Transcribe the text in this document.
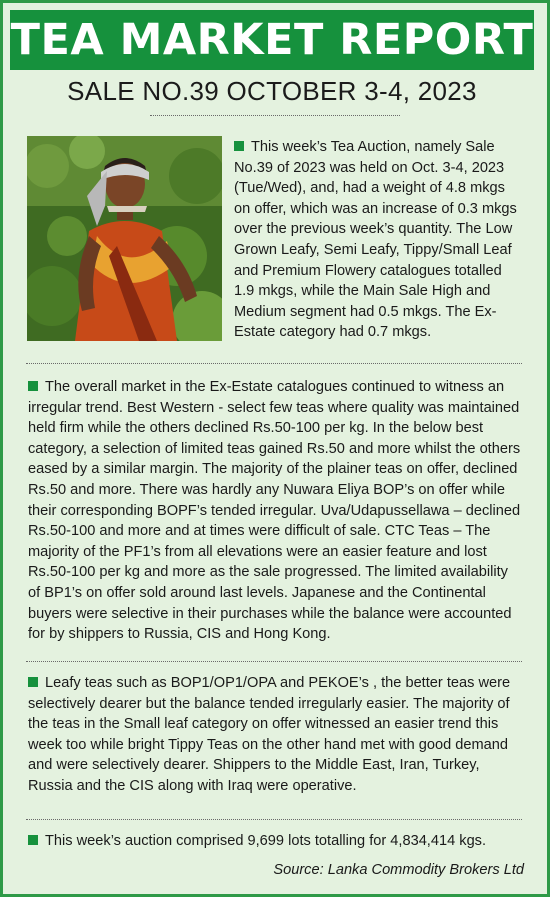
TEA MARKET REPORT
SALE NO.39 OCTOBER 3-4, 2023

This week’s Tea Auction, namely Sale No.39 of 2023 was held on Oct. 3-4, 2023 (Tue/Wed), and, had a weight of 4.8 mkgs on offer, which was an increase of 0.3 mkgs over the previous week’s quantity. The Low Grown Leafy, Semi Leafy, Tippy/Small Leaf and Premium Flowery catalogues totalled 1.9 mkgs, while the Main Sale High and Medium segment had 0.5 mkgs. The Ex-Estate category had 0.7 mkgs.

The overall market in the Ex-Estate catalogues continued to witness an irregular trend. Best Western - select few teas where quality was maintained held firm while the others declined Rs.50-100 per kg. In the below best category, a selection of limited teas gained Rs.50 and more whilst the others eased by a similar margin. The majority of the plainer teas on offer, declined Rs.50 and more. There was hardly any Nuwara Eliya BOP’s on offer while their corresponding BOPF’s tended irregular. Uva/Udapussellawa – declined Rs.50-100 and more and at times were difficult of sale. CTC Teas – The majority of the PF1’s from all elevations were an easier feature and lost Rs.50-100 per kg and more as the sale progressed. The limited availability of BP1’s on offer sold around last levels. Japanese and the Continental buyers were selective in their purchases while the balance were accounted for by shippers to Russia, CIS and Hong Kong.

Leafy teas such as BOP1/OP1/OPA and PEKOE’s , the better teas were selectively dearer but the balance tended irregularly easier. The majority of the teas in the Small leaf category on offer witnessed an easier trend this week too while bright Tippy Teas on the other hand met with good demand and were selectively dearer. Shippers to the Middle East, Iran, Turkey, Russia and the CIS along with Iraq were operative.

This week’s auction comprised 9,699 lots totalling for 4,834,414 kgs.

Source: Lanka Commodity Brokers Ltd
